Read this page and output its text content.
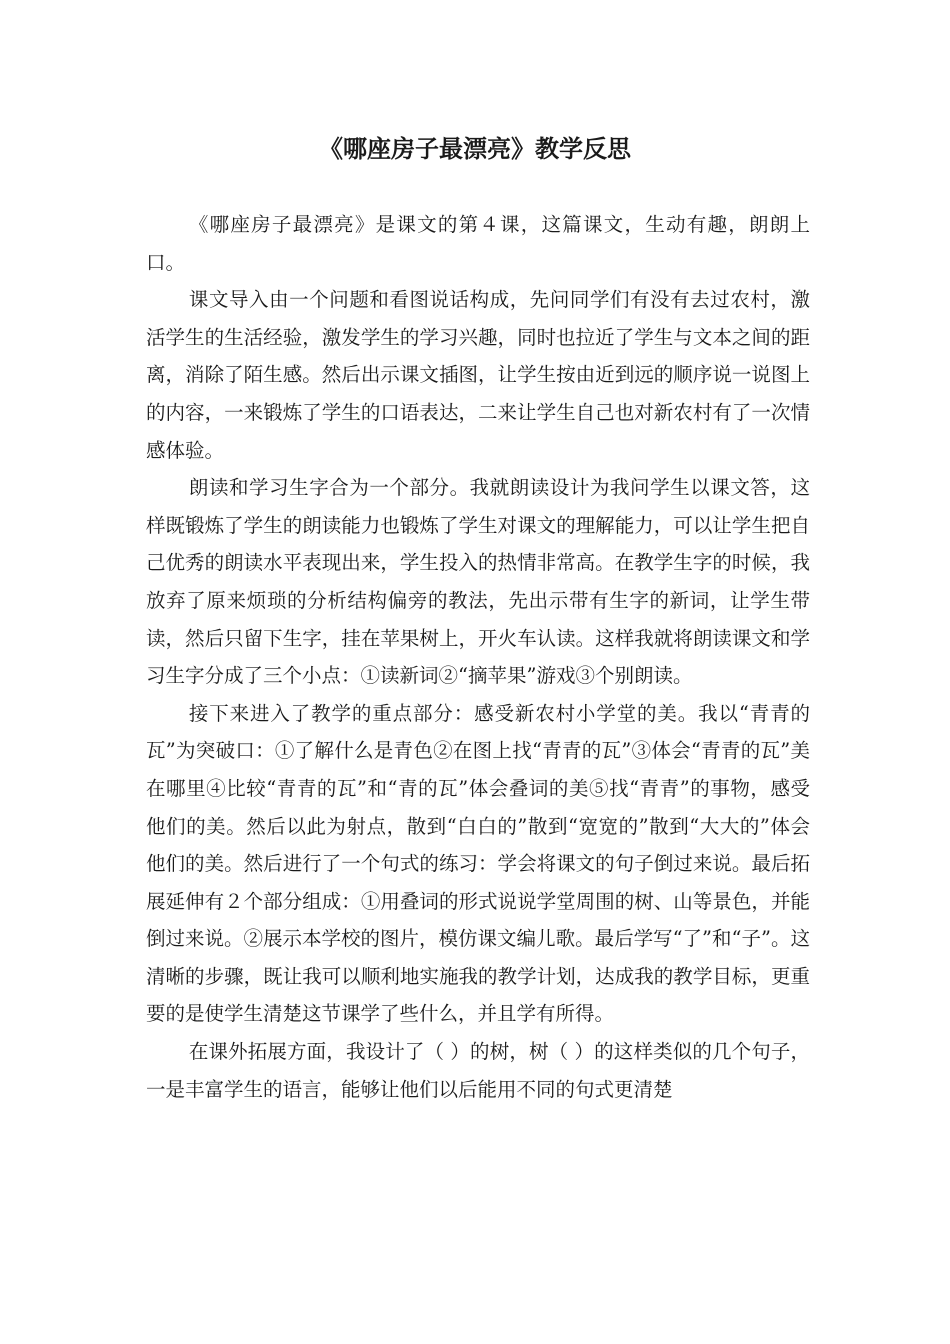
《哪座房子最漂亮》教学反思

《哪座房子最漂亮》是课文的第４课，这篇课文，生动有趣，朗朗上口。

课文导入由一个问题和看图说话构成，先问同学们有没有去过农村，激活学生的生活经验，激发学生的学习兴趣，同时也拉近了学生与文本之间的距离，消除了陌生感。然后出示课文插图，让学生按由近到远的顺序说一说图上的内容，一来锻炼了学生的口语表达，二来让学生自己也对新农村有了一次情感体验。

朗读和学习生字合为一个部分。我就朗读设计为我问学生以课文答，这样既锻炼了学生的朗读能力也锻炼了学生对课文的理解能力，可以让学生把自己优秀的朗读水平表现出来，学生投入的热情非常高。在教学生字的时候，我放弃了原来烦琐的分析结构偏旁的教法，先出示带有生字的新词，让学生带读，然后只留下生字，挂在苹果树上，开火车认读。这样我就将朗读课文和学习生字分成了三个小点：①读新词②“摘苹果”游戏③个别朗读。

接下来进入了教学的重点部分：感受新农村小学堂的美。我以“青青的瓦”为突破口：①了解什么是青色②在图上找“青青的瓦”③体会“青青的瓦”美在哪里④比较“青青的瓦”和“青的瓦”体会叠词的美⑤找“青青”的事物，感受他们的美。然后以此为射点，散到“白白的”散到“宽宽的”散到“大大的”体会他们的美。然后进行了一个句式的练习：学会将课文的句子倒过来说。最后拓展延伸有２个部分组成：①用叠词的形式说说学堂周围的树、山等景色，并能倒过来说。②展示本学校的图片，模仿课文编儿歌。最后学写“了”和“子”。这清晰的步骤，既让我可以顺利地实施我的教学计划，达成我的教学目标，更重要的是使学生清楚这节课学了些什么，并且学有所得。

在课外拓展方面，我设计了（ ）的树，树（ ）的这样类似的几个句子，一是丰富学生的语言，能够让他们以后能用不同的句式更清楚
